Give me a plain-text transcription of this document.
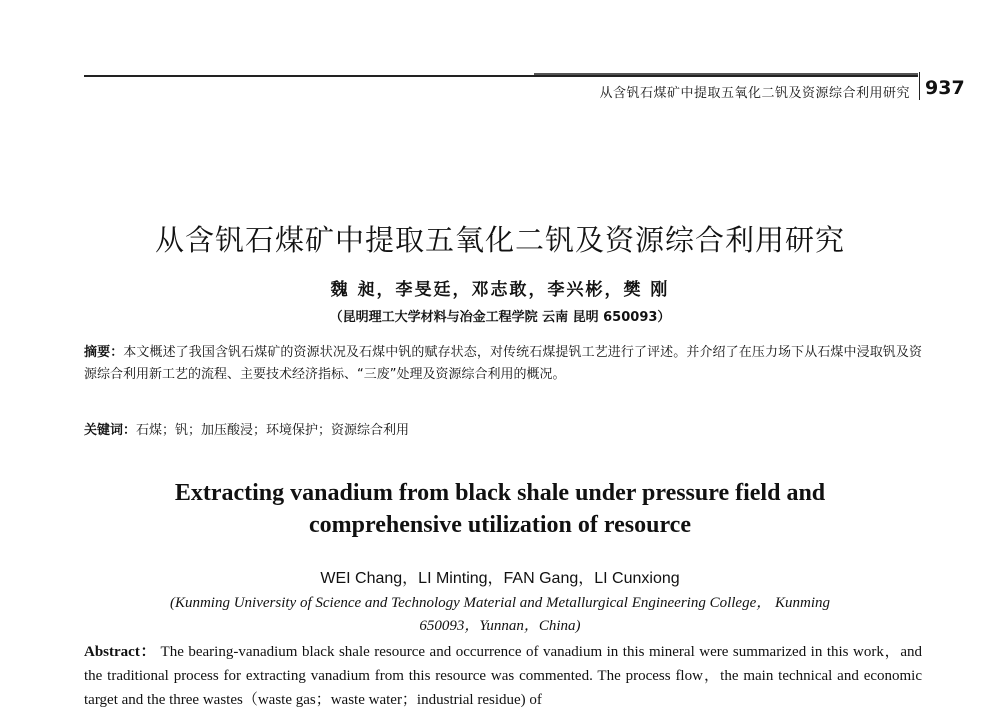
从含钒石煤矿中提取五氧化二钒及资源综合利用研究 937
从含钒石煤矿中提取五氧化二钒及资源综合利用研究
魏 昶，李旻廷，邓志敢，李兴彬，樊 刚
（昆明理工大学材料与冶金工程学院 云南 昆明 650093）
摘要：本文概述了我国含钒石煤矿的资源状况及石煤中钒的赋存状态，对传统石煤提钒工艺进行了评述。并介绍了在压力场下从石煤中浸取钒及资源综合利用新工艺的流程、主要技术经济指标、“三废”处理及资源综合利用的概况。
关键词：石煤；钒；加压酸浸；环境保护；资源综合利用
Extracting vanadium from black shale under pressure field and comprehensive utilization of resource
WEI Chang，LI Minting，FAN Gang，LI Cunxiong
(Kunming University of Science and Technology Material and Metallurgical Engineering College， Kunming 650093，Yunnan，China)
Abstract： The bearing-vanadium black shale resource and occurrence of vanadium in this mineral were summarized in this work，and the traditional process for extracting vanadium from this resource was commented. The process flow，the main technical and economic target and the three wastes（waste gas；waste water；industrial residue) of
